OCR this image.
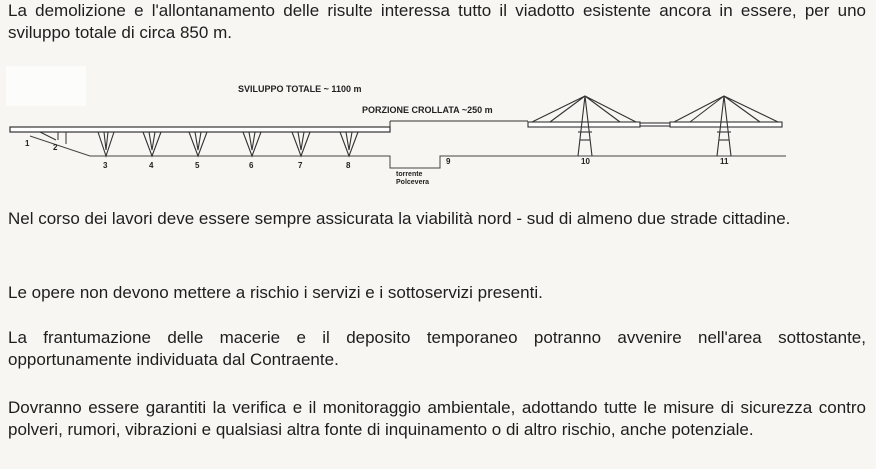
La demolizione e l'allontanamento delle risulte interessa tutto il viadotto esistente ancora in essere, per uno sviluppo totale di circa 850 m.

SVILUPPO TOTALE ~ 1100 m
PORZIONE CROLLATA ~250 m
torrente
Polcevera
1	2
3	4	5	6	7	8	9	10	11

Nel corso dei lavori deve essere sempre assicurata la viabilità nord - sud di almeno due strade cittadine.

Le opere non devono mettere a rischio i servizi e i sottoservizi presenti.

La frantumazione delle macerie e il deposito temporaneo potranno avvenire nell'area sottostante, opportunamente individuata dal Contraente.

Dovranno essere garantiti la verifica e il monitoraggio ambientale, adottando tutte le misure di sicurezza contro polveri, rumori, vibrazioni e qualsiasi altra fonte di inquinamento o di altro rischio, anche potenziale.
